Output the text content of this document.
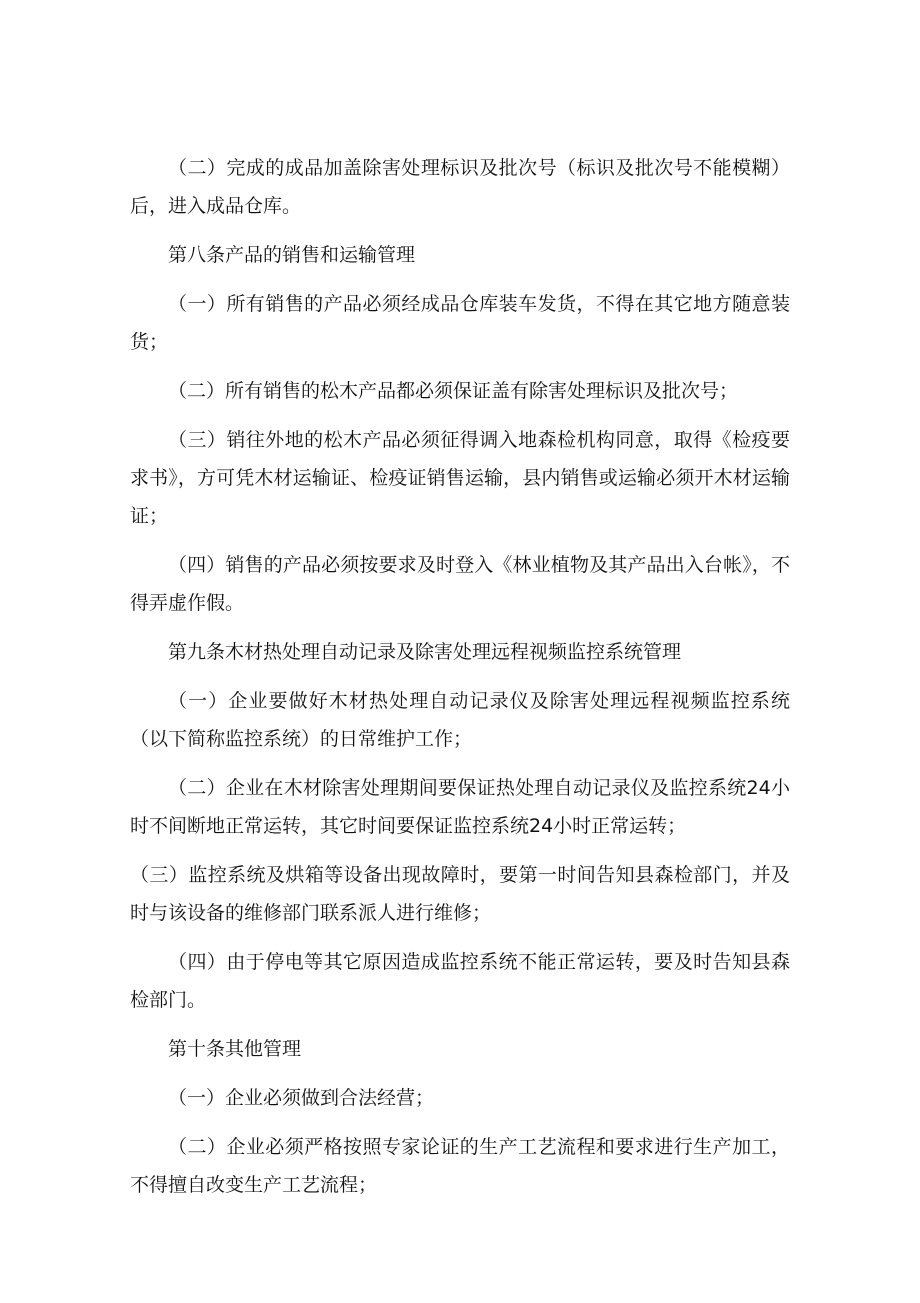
（二）完成的成品加盖除害处理标识及批次号（标识及批次号不能模糊）后，进入成品仓库。

第八条产品的销售和运输管理

（一）所有销售的产品必须经成品仓库装车发货，不得在其它地方随意装货；

（二）所有销售的松木产品都必须保证盖有除害处理标识及批次号；

（三）销往外地的松木产品必须征得调入地森检机构同意，取得《检疫要求书》，方可凭木材运输证、检疫证销售运输，县内销售或运输必须开木材运输证；

（四）销售的产品必须按要求及时登入《林业植物及其产品出入台帐》，不得弄虚作假。

第九条木材热处理自动记录及除害处理远程视频监控系统管理

（一）企业要做好木材热处理自动记录仪及除害处理远程视频监控系统（以下简称监控系统）的日常维护工作；

（二）企业在木材除害处理期间要保证热处理自动记录仪及监控系统24小时不间断地正常运转，其它时间要保证监控系统24小时正常运转；

（三）监控系统及烘箱等设备出现故障时，要第一时间告知县森检部门，并及时与该设备的维修部门联系派人进行维修；

（四）由于停电等其它原因造成监控系统不能正常运转，要及时告知县森检部门。

第十条其他管理

（一）企业必须做到合法经营；

（二）企业必须严格按照专家论证的生产工艺流程和要求进行生产加工，不得擅自改变生产工艺流程；
